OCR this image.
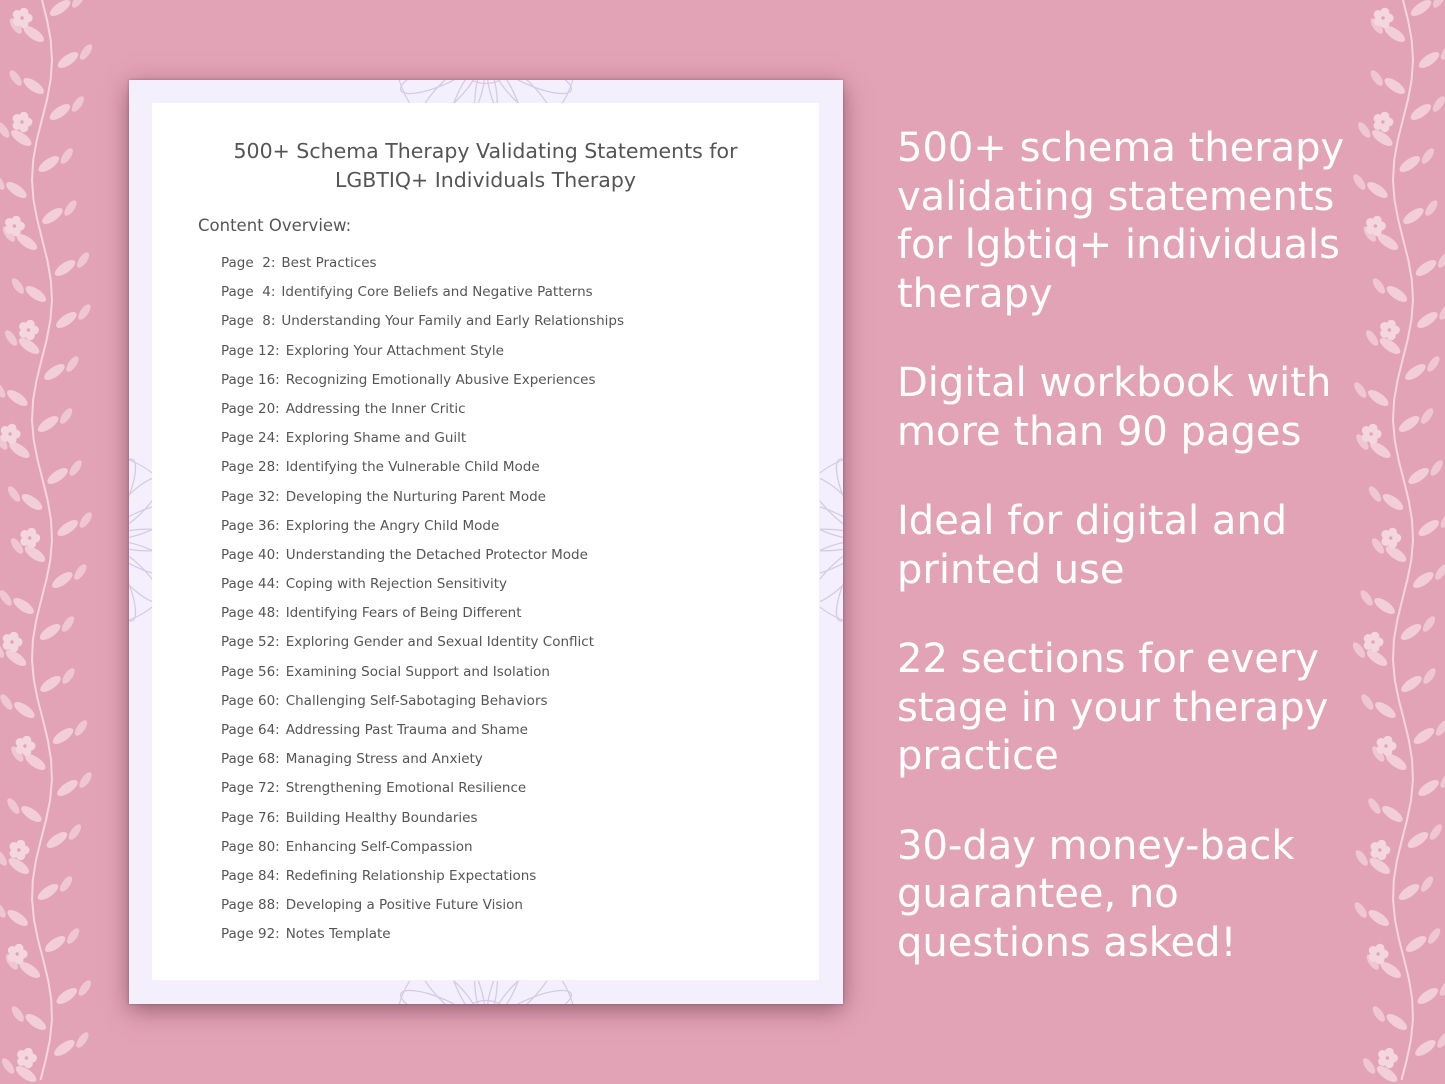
500+ Schema Therapy Validating Statements for
LGBTIQ+ Individuals Therapy
Content Overview:
Page  2: Best Practices
Page  4: Identifying Core Beliefs and Negative Patterns
Page  8: Understanding Your Family and Early Relationships
Page 12: Exploring Your Attachment Style
Page 16: Recognizing Emotionally Abusive Experiences
Page 20: Addressing the Inner Critic
Page 24: Exploring Shame and Guilt
Page 28: Identifying the Vulnerable Child Mode
Page 32: Developing the Nurturing Parent Mode
Page 36: Exploring the Angry Child Mode
Page 40: Understanding the Detached Protector Mode
Page 44: Coping with Rejection Sensitivity
Page 48: Identifying Fears of Being Different
Page 52: Exploring Gender and Sexual Identity Conflict
Page 56: Examining Social Support and Isolation
Page 60: Challenging Self-Sabotaging Behaviors
Page 64: Addressing Past Trauma and Shame
Page 68: Managing Stress and Anxiety
Page 72: Strengthening Emotional Resilience
Page 76: Building Healthy Boundaries
Page 80: Enhancing Self-Compassion
Page 84: Redefining Relationship Expectations
Page 88: Developing a Positive Future Vision
Page 92: Notes Template
500+ schema therapy validating statements for lgbtiq+ individuals therapy
Digital workbook with more than 90 pages
Ideal for digital and printed use
22 sections for every stage in your therapy practice
30-day money-back guarantee, no questions asked!
